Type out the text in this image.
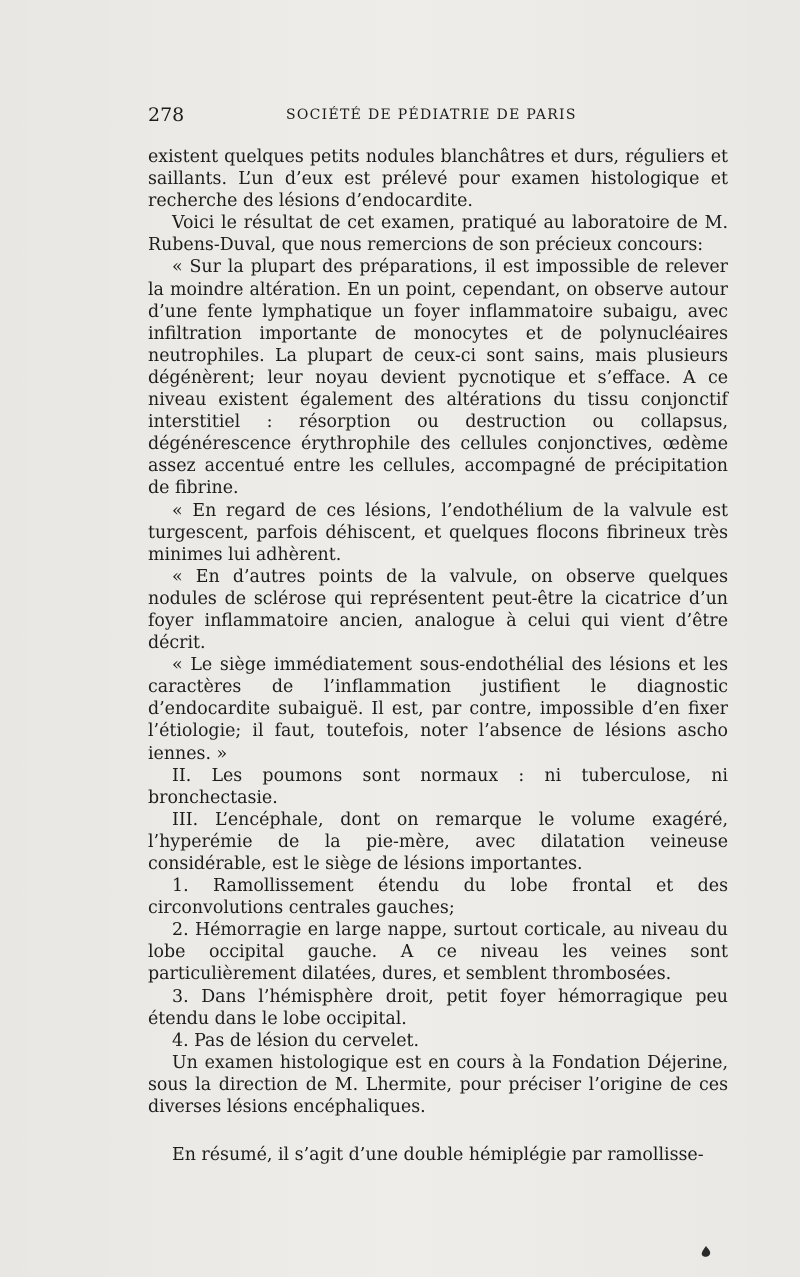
278	SOCIÉTÉ DE PÉDIATRIE DE PARIS

existent quelques petits nodules blanchâtres et durs, réguliers et saillants. L’un d’eux est prélevé pour examen histologique et recherche des lésions d’endocardite.

Voici le résultat de cet examen, pratiqué au laboratoire de M. Rubens-Duval, que nous remercions de son précieux concours:

« Sur la plupart des préparations, il est impossible de relever la moindre altération. En un point, cependant, on observe autour d’une fente lymphatique un foyer inflammatoire subaigu, avec infiltration importante de monocytes et de polynucléaires neutrophiles. La plupart de ceux-ci sont sains, mais plusieurs dégénèrent; leur noyau devient pycnotique et s’efface. A ce niveau existent également des altérations du tissu conjonctif interstitiel : résorption ou destruction ou collapsus, dégénérescence érythrophile des cellules conjonctives, œdème assez accentué entre les cellules, accompagné de précipitation de fibrine.

« En regard de ces lésions, l’endothélium de la valvule est turgescent, parfois déhiscent, et quelques flocons fibrineux très minimes lui adhèrent.

« En d’autres points de la valvule, on observe quelques nodules de sclérose qui représentent peut-être la cicatrice d’un foyer inflammatoire ancien, analogue à celui qui vient d’être décrit.

« Le siège immédiatement sous-endothélial des lésions et les caractères de l’inflammation justifient le diagnostic d’endocardite subaiguë. Il est, par contre, impossible d’en fixer l’étiologie; il faut, toutefois, noter l’absence de lésions ascho iennes. »

II. Les poumons sont normaux : ni tuberculose, ni bronchectasie.

III. L’encéphale, dont on remarque le volume exagéré, l’hyperémie de la pie-mère, avec dilatation veineuse considérable, est le siège de lésions importantes.

1. Ramollissement étendu du lobe frontal et des circonvolutions centrales gauches;

2. Hémorragie en large nappe, surtout corticale, au niveau du lobe occipital gauche. A ce niveau les veines sont particulièrement dilatées, dures, et semblent thrombosées.

3. Dans l’hémisphère droit, petit foyer hémorragique peu étendu dans le lobe occipital.

4. Pas de lésion du cervelet.

Un examen histologique est en cours à la Fondation Déjerine, sous la direction de M. Lhermite, pour préciser l’origine de ces diverses lésions encéphaliques.

En résumé, il s’agit d’une double hémiplégie par ramollisse-
